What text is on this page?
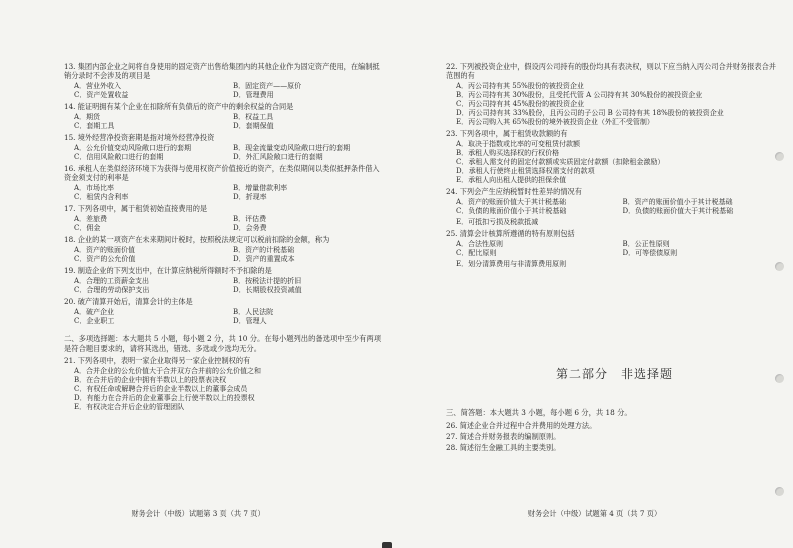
13. 集团内部企业之间将自身使用的固定资产出售给集团内的其他企业作为固定资产使用，在编制抵销分录时不会涉及的项目是
A．营业外收入	B．固定资产——原价
C．资产处置收益	D．管理费用
14. 能证明拥有某个企业在扣除所有负债后的资产中的剩余权益的合同是
A．期货	B．权益工具
C．套期工具	D．套期保值
15. 境外经营净投资套期是指对境外经营净投资
A．公允价值变动风险敞口进行的套期	B．现金流量变动风险敞口进行的套期
C．信用风险敞口进行的套期	D．外汇风险敞口进行的套期
16. 承租人在类似经济环境下为获得与使用权资产价值接近的资产，在类似期间以类似抵押条件借入资金须支付的利率是
A．市场比率	B．增量借款利率
C．租赁内含利率	D．折现率
17. 下列各项中，属于租赁初始直接费用的是
A．差旅费	B．评估费
C．佣金	D．会务费
18. 企业的某一项资产在未来期间计税时，按照税法规定可以税前扣除的金额，称为
A．资产的账面价值	B．资产的计税基础
C．资产的公允价值	D．资产的重置成本
19. 制造企业的下列支出中，在计算应纳税所得额时不予扣除的是
A．合理的工资薪金支出	B．按税法计提的折旧
C．合理的劳动保护支出	D．长期股权投资减值
20. 破产清算开始后，清算会计的主体是
A．破产企业	B．人民法院
C．企业职工	D．管理人
二、多项选择题：本大题共 5 小题，每小题 2 分，共 10 分。在每小题列出的备选项中至少有两项是符合题目要求的，请将其选出，错选、多选或少选均无分。
21. 下列各项中，表明一家企业取得另一家企业控制权的有
A．合并企业的公允价值大于合并双方合并前的公允价值之和
B．在合并后的企业中拥有半数以上的投票表决权
C．有权任命或解聘合并后的企业半数以上的董事会成员
D．有能力在合并后的企业董事会上行使半数以上的投票权
E．有权决定合并后企业的管理团队
财务会计（中级）试题第 3 页（共 7 页）
22. 下列被投资企业中，假设丙公司持有的股份均具有表决权，则以下应当纳入丙公司合并财务报表合并范围的有
A．丙公司持有其 55%股份的被投资企业
B．丙公司持有其 30%股份，且受托代管 A 公司持有其 30%股份的被投资企业
C．丙公司持有其 45%股份的被投资企业
D．丙公司持有其 33%股份，且丙公司的子公司 B 公司持有其 18%股份的被投资企业
E．丙公司购入其 65%股份的境外被投资企业（外汇不受管制）
23. 下列各项中，属于租赁收款额的有
A．取决于指数或比率的可变租赁付款额
B．承租人购买选择权的行权价格
C．承租人需支付的固定付款额或实质固定付款额（扣除租金激励）
D．承租人行使终止租赁选择权需支付的款项
E．承租人向出租人提供的担保余值
24. 下列会产生应纳税暂时性差异的情况有
A．资产的账面价值大于其计税基础	B．资产的账面价值小于其计税基础
C．负债的账面价值小于其计税基础	D．负债的账面价值大于其计税基础
E．可抵扣亏损及税款抵减
25. 清算会计核算所遵循的特有原则包括
A．合法性原则	B．公正性原则
C．配比原则	D．可等偿债原则
E．划分清算费用与非清算费用原则
第二部分　非选择题
三、简答题：本大题共 3 小题，每小题 6 分，共 18 分。
26. 简述企业合并过程中合并费用的处理方法。
27. 简述合并财务报表的编制原则。
28. 简述衍生金融工具的主要类别。
财务会计（中级）试题第 4 页（共 7 页）
